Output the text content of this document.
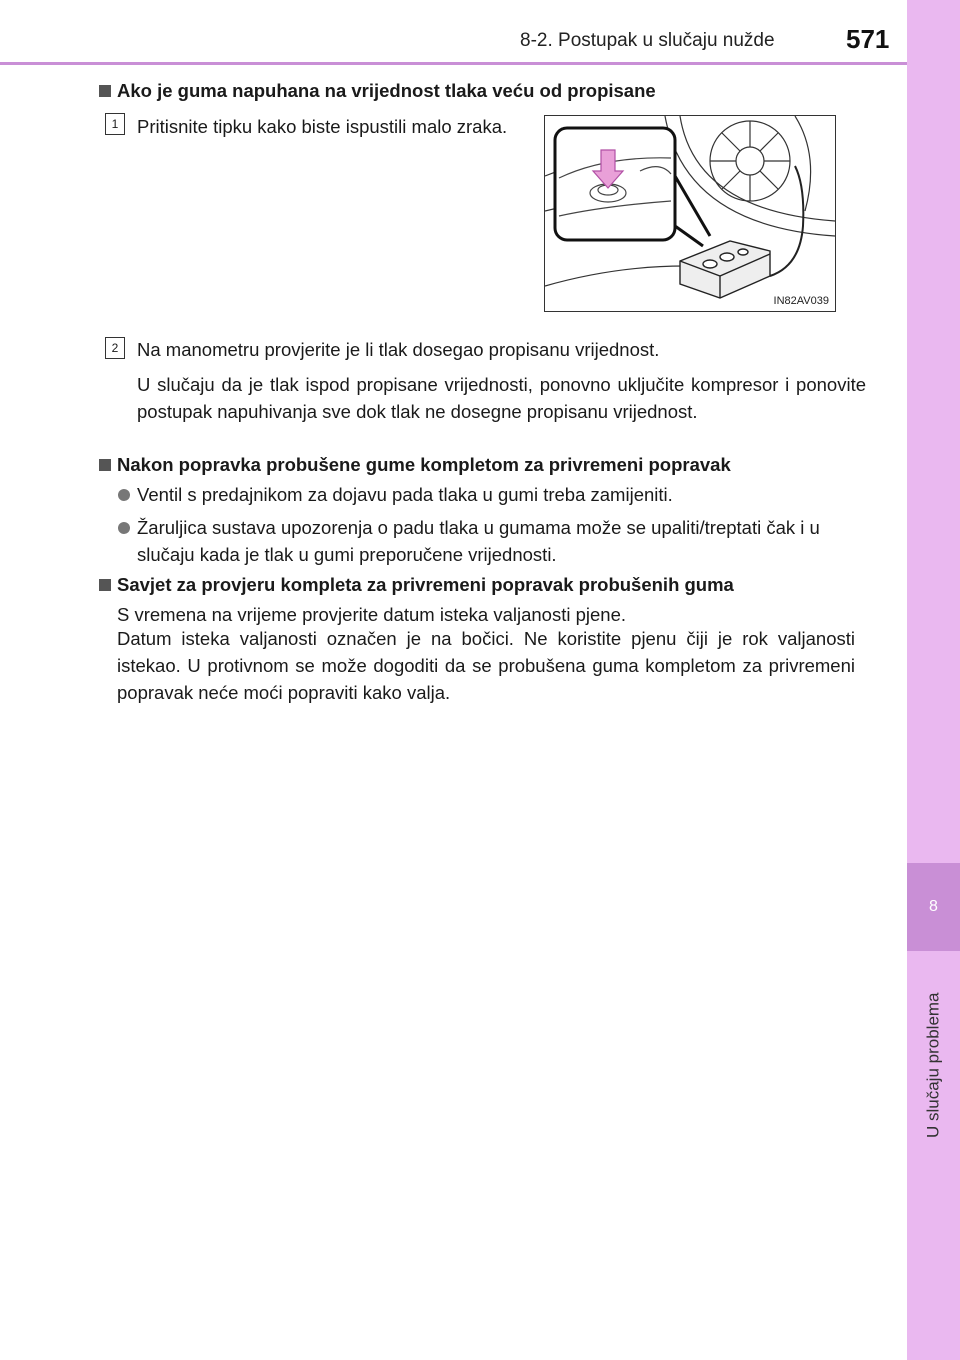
8
U slučaju problema
8-2. Postupak u slučaju nužde	571
Ako je guma napuhana na vrijednost tlaka veću od propisane
1	Pritisnite tipku kako biste ispustili malo zraka.
IN82AV039
2	Na manometru provjerite je li tlak dosegao propisanu vrijednost.
U slučaju da je tlak ispod propisane vrijednosti, ponovno uključite kompresor i ponovite postupak napuhivanja sve dok tlak ne dosegne propisanu vrijednost.
Nakon popravka probušene gume kompletom za privremeni popravak
Ventil s predajnikom za dojavu pada tlaka u gumi treba zamijeniti.
Žaruljica sustava upozorenja o padu tlaka u gumama može se upaliti/treptati čak i u slučaju kada je tlak u gumi preporučene vrijednosti.
Savjet za provjeru kompleta za privremeni popravak probušenih guma
S vremena na vrijeme provjerite datum isteka valjanosti pjene.
Datum isteka valjanosti označen je na bočici. Ne koristite pjenu čiji je rok valjanosti istekao. U protivnom se može dogoditi da se probušena guma kompletom za privremeni popravak neće moći popraviti kako valja.
